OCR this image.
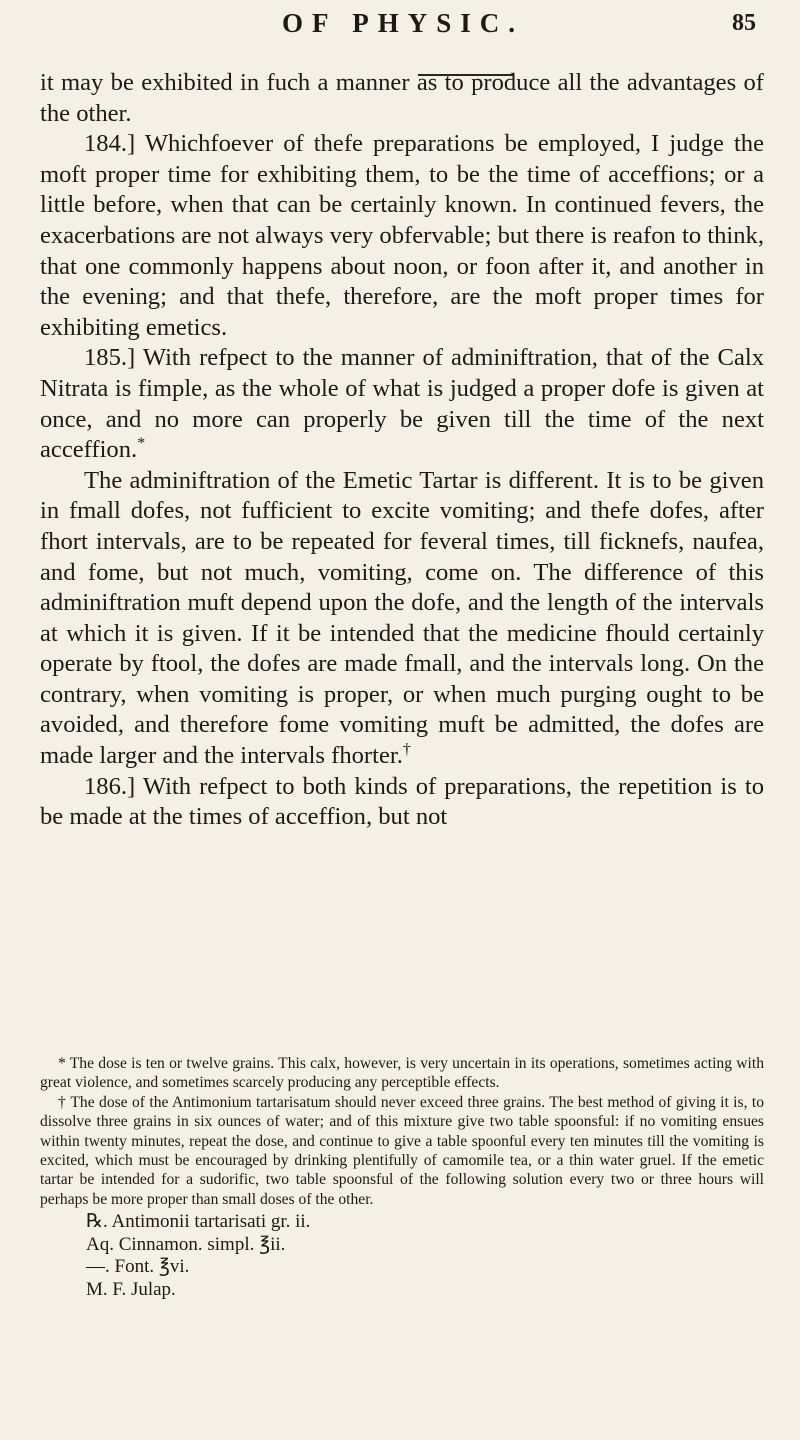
OF PHYSIC.	85

it may be exhibited in fuch a manner as to produce all the advantages of the other.

184.] Whichfoever of thefe preparations be employed, I judge the moft proper time for exhibiting them, to be the time of acceffions; or a little before, when that can be certainly known. In continued fevers, the exacerbations are not always very obfervable; but there is reafon to think, that one commonly happens about noon, or foon after it, and another in the evening; and that thefe, therefore, are the moft proper times for exhibiting emetics.

185.] With refpect to the manner of adminiftration, that of the Calx Nitrata is fimple, as the whole of what is judged a proper dofe is given at once, and no more can properly be given till the time of the next acceffion.*

The adminiftration of the Emetic Tartar is different. It is to be given in fmall dofes, not fufficient to excite vomiting; and thefe dofes, after fhort intervals, are to be repeated for feveral times, till ficknefs, naufea, and fome, but not much, vomiting, come on. The difference of this adminiftration muft depend upon the dofe, and the length of the intervals at which it is given. If it be intended that the medicine fhould certainly operate by ftool, the dofes are made fmall, and the intervals long. On the contrary, when vomiting is proper, or when much purging ought to be avoided, and therefore fome vomiting muft be admitted, the dofes are made larger and the intervals fhorter.†

186.] With refpect to both kinds of preparations, the repetition is to be made at the times of acceffion, but not

* The dose is ten or twelve grains. This calx, however, is very uncertain in its operations, sometimes acting with great violence, and sometimes scarcely producing any perceptible effects.

† The dose of the Antimonium tartarisatum should never exceed three grains. The best method of giving it is, to dissolve three grains in six ounces of water; and of this mixture give two table spoonsful: if no vomiting ensues within twenty minutes, repeat the dose, and continue to give a table spoonful every ten minutes till the vomiting is excited, which must be encouraged by drinking plentifully of camomile tea, or a thin water gruel. If the emetic tartar be intended for a sudorific, two table spoonsful of the following solution every two or three hours will perhaps be more proper than small doses of the other.

℞. Antimonii tartarisati gr. ii.
Aq. Cinnamon. simpl. ℥ii.
—. Font. ℥vi.
M. F. Julap.
